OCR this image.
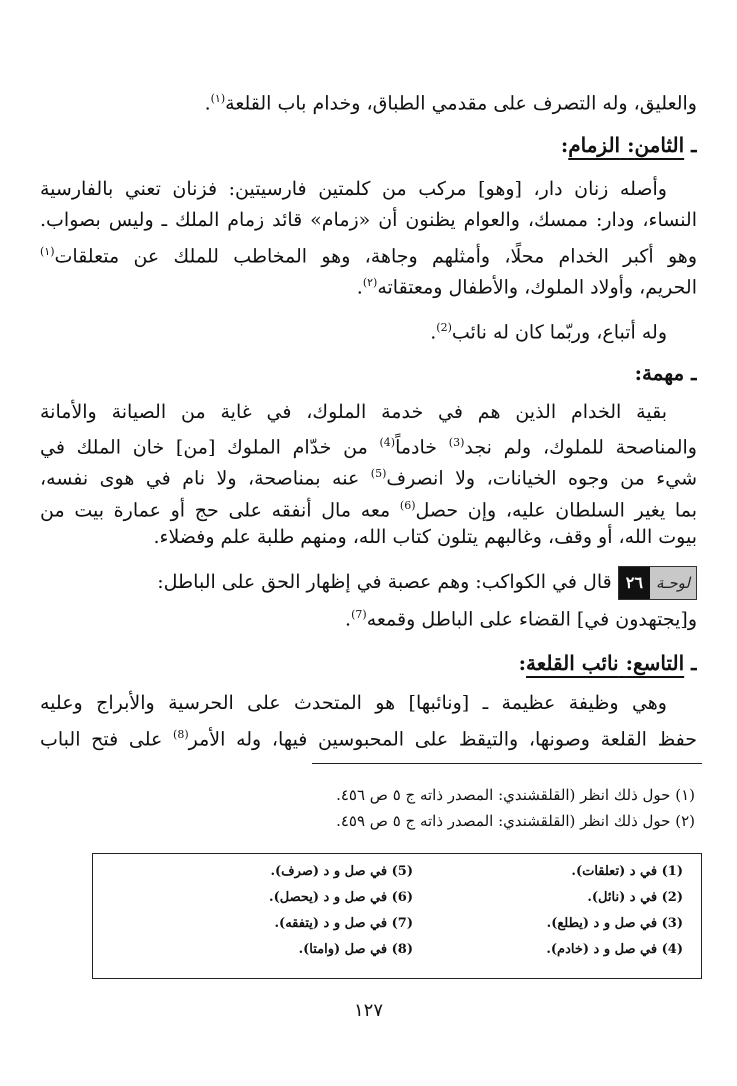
والعليق، وله التصرف على مقدمي الطباق، وخدام باب القلعة$^{(١)}$.
ـ الثامن: الزمام:
وأصله زنان دار، [وهو] مركب من كلمتين فارسيتين: فزنان تعني بالفارسية
النساء، ودار: ممسك، والعوام يظنون أن «زمام» قائد زمام الملك ـ وليس بصواب.
وهو أكبر الخدام محلًا، وأمثلهم وجاهة، وهو المخاطب للملك عن متعلقات$^{(١)}$
الحريم، وأولاد الملوك، والأطفال ومعتقاته$^{(٢)}$.
وله أتباع، وربّما كان له نائب$^{(2)}$.
ـ مهمة:
بقية الخدام الذين هم في خدمة الملوك، في غاية من الصيانة والأمانة
والمناصحة للملوك، ولم نجد$^{(3)}$ خادماً$^{(4)}$ من خدّام الملوك [من] خان الملك في
شيء من وجوه الخيانات، ولا انصرف$^{(5)}$ عنه بمناصحة، ولا نام في هوى نفسه،
بما يغير السلطان عليه، وإن حصل$^{(6)}$ معه مال أنفقه على حج أو عمارة بيت من
بيوت الله، أو وقف، وغالبهم يتلون كتاب الله، ومنهم طلبة علم وفضلاء.
لوحـة٢٦ قال في الكواكب: وهم عصبة في إظهار الحق على الباطل:
و[يجتهدون في] القضاء على الباطل وقمعه$^{(7)}$.
ـ التاسع: نائب القلعة:
وهي وظيفة عظيمة ـ [ونائبها] هو المتحدث على الحرسية والأبراج وعليه
حفظ القلعة وصونها، والتيقظ على المحبوسين فيها، وله الأمر$^{(8)}$ على فتح الباب
(١) حول ذلك انظر (القلقشندي: المصدر ذاته ج ٥ ص ٤٥٦.
(٢) حول ذلك انظر (القلقشندي: المصدر ذاته ج ٥ ص ٤٥٩.
(1) في د (تعلقات).
(2) في د (نائل).
(3) في صل و د (يطلع).
(4) في صل و د (خادم).
(5) في صل و د (صرف).
(6) في صل و د (يحصل).
(7) في صل و د (يتفقه).
(8) في صل (وامتا).
١٢٧
